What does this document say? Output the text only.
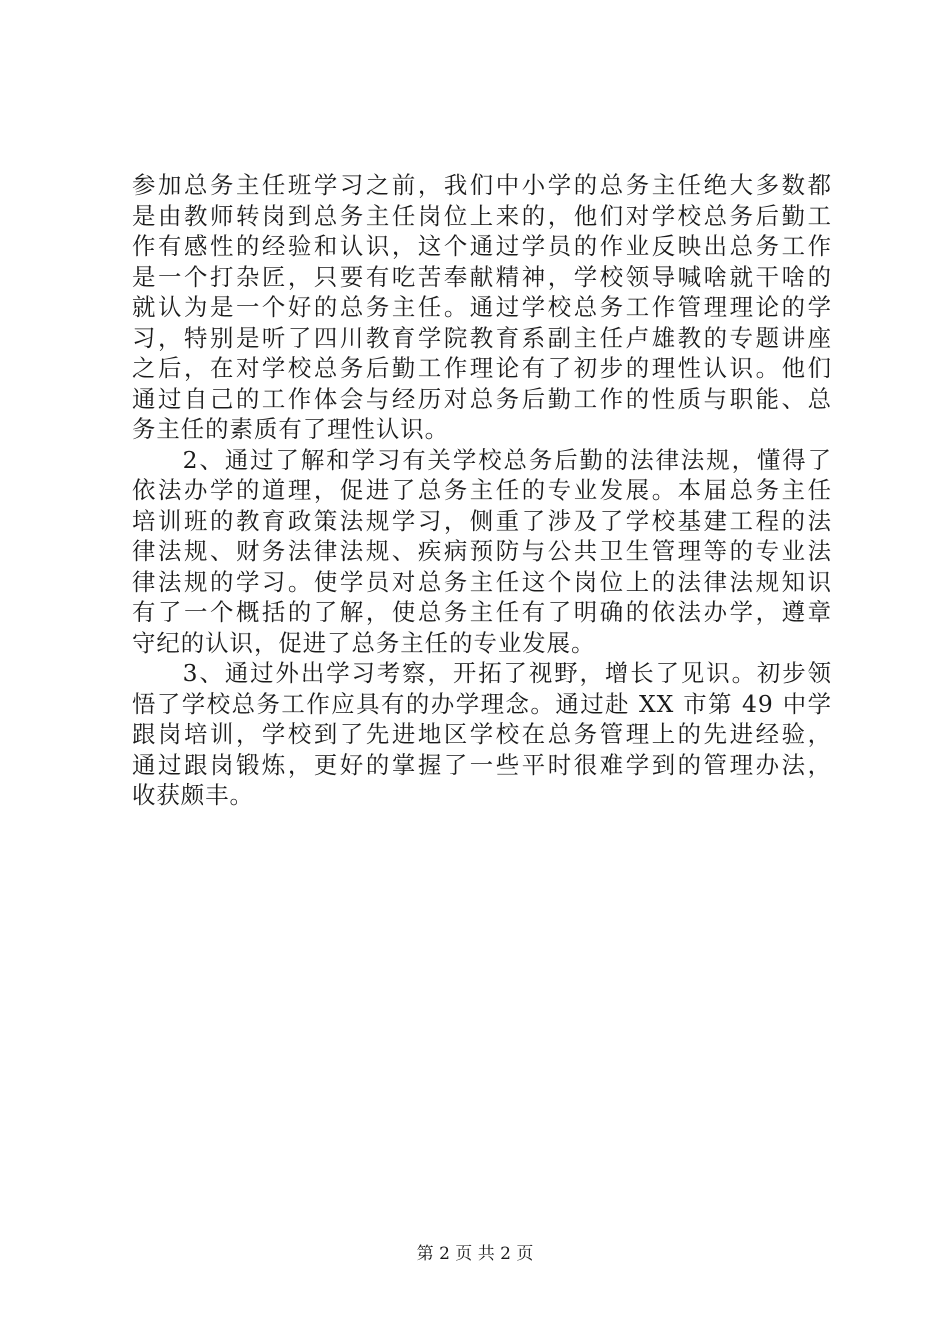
参加总务主任班学习之前，我们中小学的总务主任绝大多数都
是由教师转岗到总务主任岗位上来的，他们对学校总务后勤工
作有感性的经验和认识，这个通过学员的作业反映出总务工作
是一个打杂匠，只要有吃苦奉献精神，学校领导喊啥就干啥的
就认为是一个好的总务主任。通过学校总务工作管理理论的学
习，特别是听了四川教育学院教育系副主任卢雄教的专题讲座
之后，在对学校总务后勤工作理论有了初步的理性认识。他们
通过自己的工作体会与经历对总务后勤工作的性质与职能、总
务主任的素质有了理性认识。
　　2、通过了解和学习有关学校总务后勤的法律法规，懂得了
依法办学的道理，促进了总务主任的专业发展。本届总务主任
培训班的教育政策法规学习，侧重了涉及了学校基建工程的法
律法规、财务法律法规、疾病预防与公共卫生管理等的专业法
律法规的学习。使学员对总务主任这个岗位上的法律法规知识
有了一个概括的了解，使总务主任有了明确的依法办学，遵章
守纪的认识，促进了总务主任的专业发展。
　　3、通过外出学习考察，开拓了视野，增长了见识。初步领
悟了学校总务工作应具有的办学理念。通过赴 XX 市第 49 中学
跟岗培训，学校到了先进地区学校在总务管理上的先进经验，
通过跟岗锻炼，更好的掌握了一些平时很难学到的管理办法，
收获颇丰。
第 2 页 共 2 页
